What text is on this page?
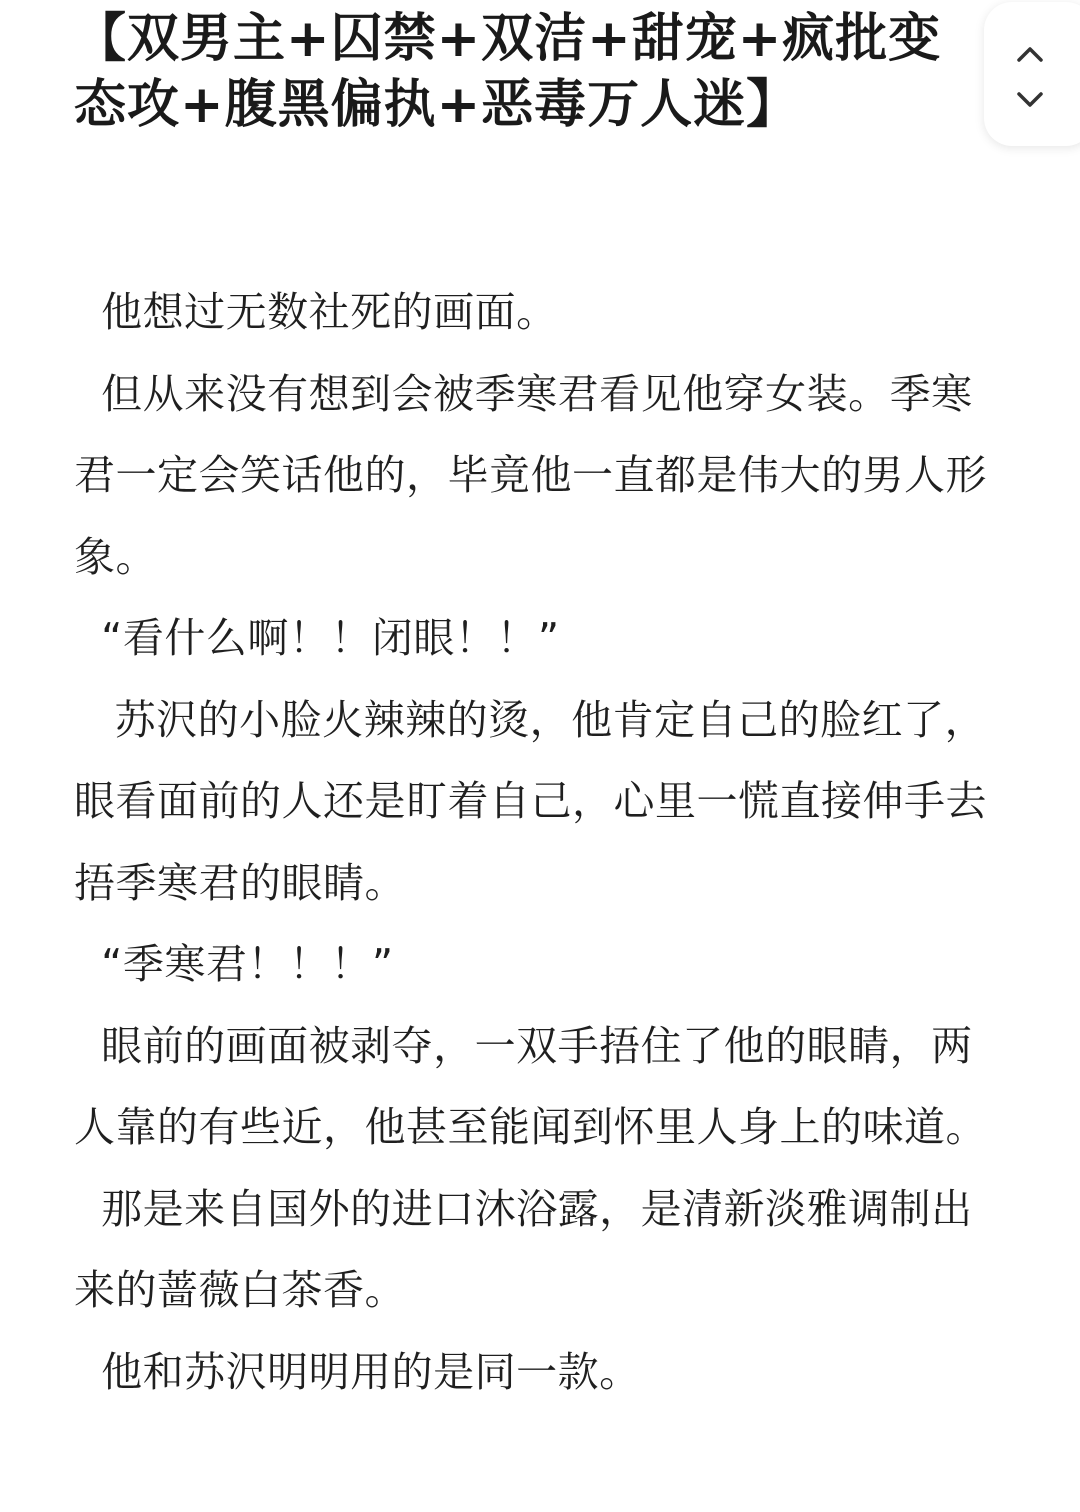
【双男主+囚禁+双洁+甜宠+疯批变态攻+腹黑偏执+恶毒万人迷】

他想过无数社死的画面。

但从来没有想到会被季寒君看见他穿女装。季寒君一定会笑话他的，毕竟他一直都是伟大的男人形象。

“看什么啊！！闭眼！！”

苏沢的小脸火辣辣的烫，他肯定自己的脸红了，眼看面前的人还是盯着自己，心里一慌直接伸手去捂季寒君的眼睛。

“季寒君！！！”

眼前的画面被剥夺，一双手捂住了他的眼睛，两人靠的有些近，他甚至能闻到怀里人身上的味道。

那是来自国外的进口沐浴露，是清新淡雅调制出来的蔷薇白茶香。

他和苏沢明明用的是同一款。
